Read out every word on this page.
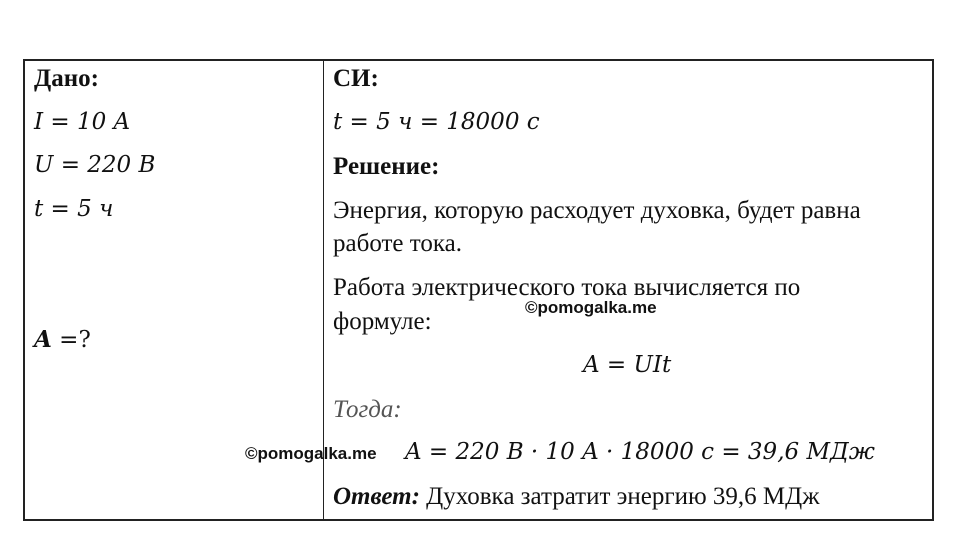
Дано:
I = 10 A
U = 220 B
t = 5 ч
A =?
СИ:
t = 5 ч = 18000 с
Решение:
Энергия, которую расходует духовка, будет равна
работе тока.
Работа электрического тока вычисляется по
формуле:
A = UIt
Тогда:
A = 220 B · 10 A · 18000 с = 39,6 МДж
Ответ: Духовка затратит энергию 39,6 МДж
©pomogalka.me
©pomogalka.me
